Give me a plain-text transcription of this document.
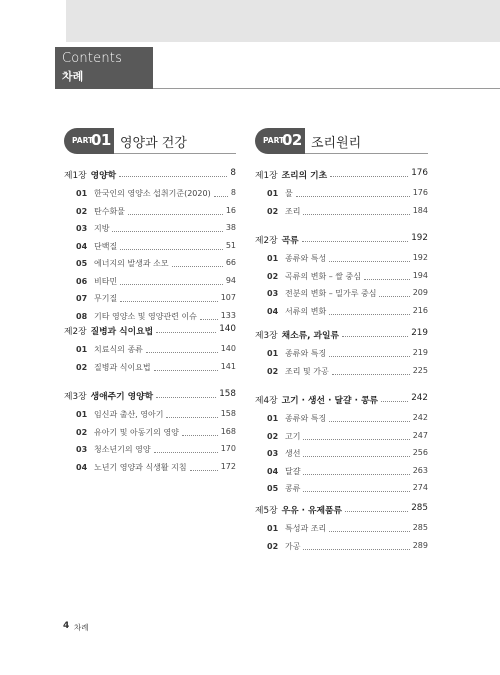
Contents
차례
PART
01 영양과 건강	PART
02 조리원리
제1장 영양학	8
01 한국인의 영양소 섭취기준(2020)	8
02 탄수화물	16
03 지방	38
04 단백질	51
05 에너지의 발생과 소모	66
06 비타민	94
07 무기질	107
08 기타 영양소 및 영양관련 이슈	133
제2장 질병과 식이요법	140
01 치료식의 종류	140
02 질병과 식이요법	141
제3장 생애주기 영양학	158
01 임신과 출산, 영아기	158
02 유아기 및 아동기의 영양	168
03 청소년기의 영양	170
04 노년기 영양과 식생활 지침	172
제1장 조리의 기초	176
01 물	176
02 조리	184
제2장 곡류	192
01 종류와 특성	192
02 곡류의 변화 – 쌀 중심	194
03 전분의 변화 – 밀가루 중심	209
04 서류의 변화	216
제3장 채소류, 과일류	219
01 종류와 특징	219
02 조리 및 가공	225
제4장 고기 · 생선 · 달걀 · 콩류	242
01 종류와 특징	242
02 고기	247
03 생선	256
04 달걀	263
05 콩류	274
제5장 우유 · 유제품류	285
01 특성과 조리	285
02 가공	289
4 차례
